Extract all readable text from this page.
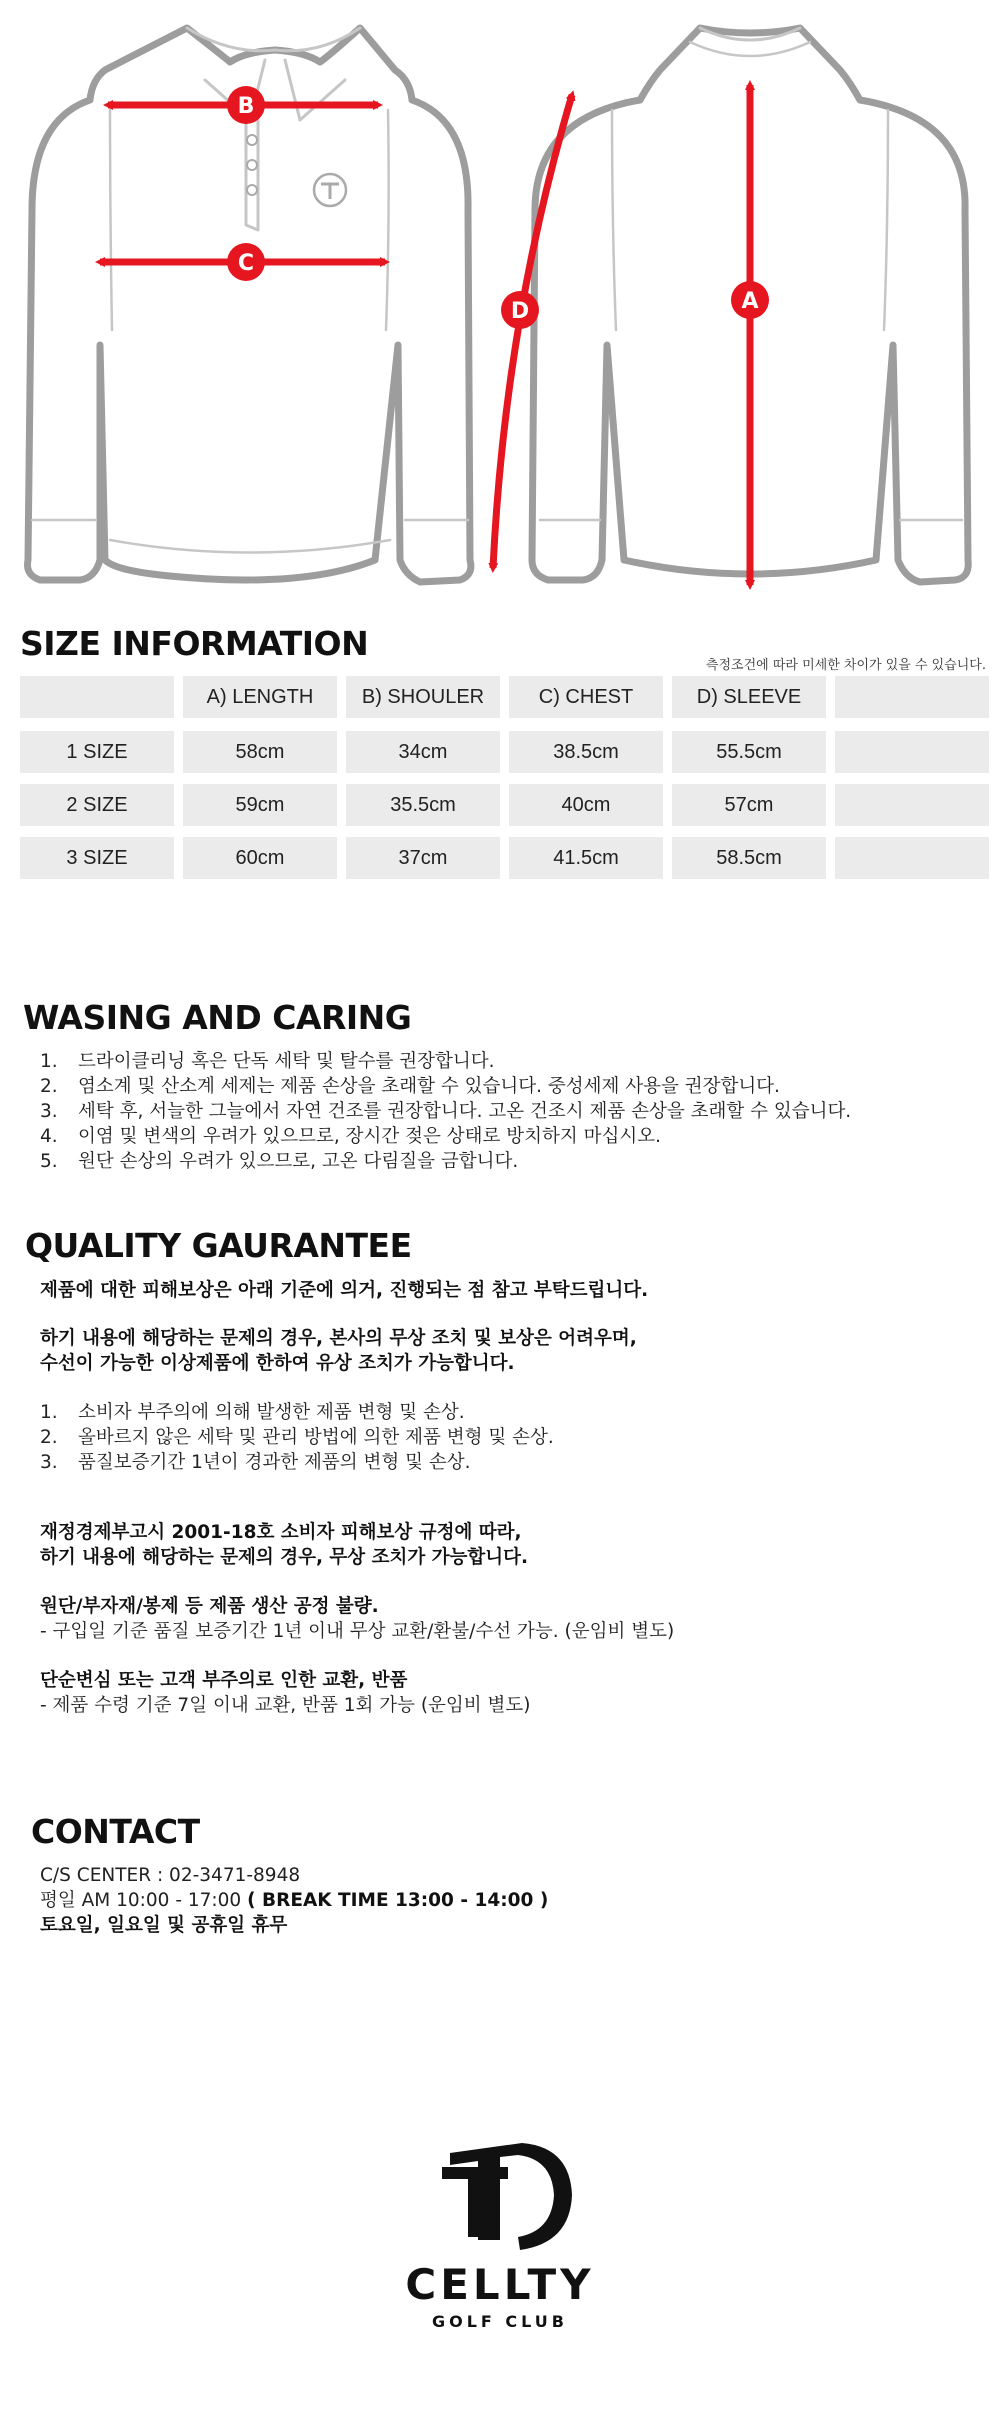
B
C
D	A
SIZE INFORMATION
측정조건에 따라 미세한 차이가 있을 수 있습니다.
A) LENGTH	B) SHOULER	C) CHEST	D) SLEEVE
1 SIZE	58cm	34cm	38.5cm	55.5cm
2 SIZE	59cm	35.5cm	40cm	57cm
3 SIZE	60cm	37cm	41.5cm	58.5cm
WASING AND CARING
1. 드라이클리닝 혹은 단독 세탁 및 탈수를 권장합니다.
2. 염소계 및 산소계 세제는 제품 손상을 초래할 수 있습니다. 중성세제 사용을 권장합니다.
3. 세탁 후, 서늘한 그늘에서 자연 건조를 권장합니다. 고온 건조시 제품 손상을 초래할 수 있습니다.
4. 이염 및 변색의 우려가 있으므로, 장시간 젖은 상태로 방치하지 마십시오.
5. 원단 손상의 우려가 있으므로, 고온 다림질을 금합니다.
QUALITY GAURANTEE
제품에 대한 피해보상은 아래 기준에 의거, 진행되는 점 참고 부탁드립니다.
하기 내용에 해당하는 문제의 경우, 본사의 무상 조치 및 보상은 어려우며,
수선이 가능한 이상제품에 한하여 유상 조치가 가능합니다.
1. 소비자 부주의에 의해 발생한 제품 변형 및 손상.
2. 올바르지 않은 세탁 및 관리 방법에 의한 제품 변형 및 손상.
3. 품질보증기간 1년이 경과한 제품의 변형 및 손상.
재정경제부고시 2001-18호 소비자 피해보상 규정에 따라,
하기 내용에 해당하는 문제의 경우, 무상 조치가 가능합니다.
원단/부자재/봉제 등 제품 생산 공정 불량.
- 구입일 기준 품질 보증기간 1년 이내 무상 교환/환불/수선 가능. (운임비 별도)
단순변심 또는 고객 부주의로 인한 교환, 반품
- 제품 수령 기준 7일 이내 교환, 반품 1회 가능 (운임비 별도)
CONTACT
C/S CENTER : 02-3471-8948
평일 AM 10:00 - 17:00 ( BREAK TIME 13:00 - 14:00 )
토요일, 일요일 및 공휴일 휴무
CELLTY
GOLF CLUB
